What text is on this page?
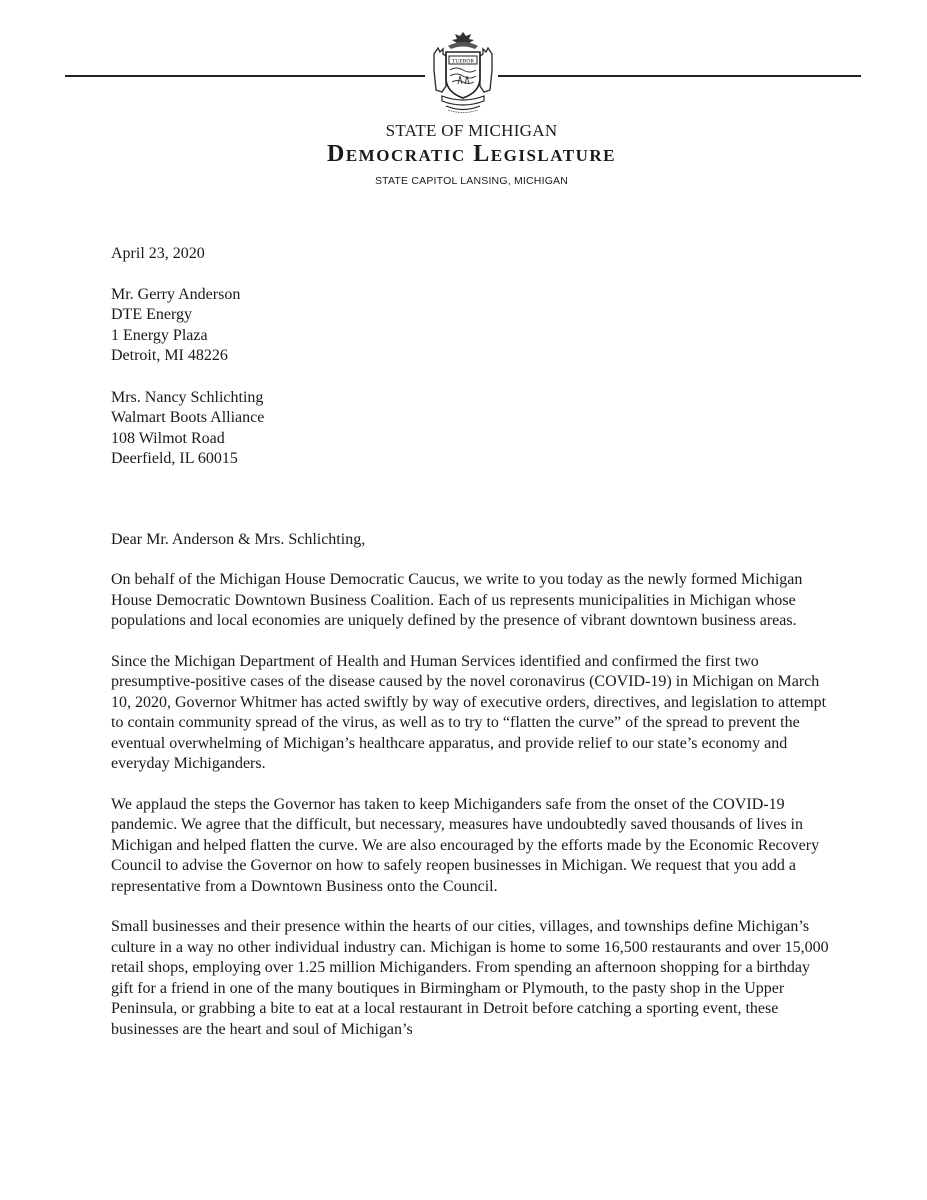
TUEBOR
STATE OF MICHIGAN
Democratic Legislature
STATE CAPITOL LANSING, MICHIGAN

April 23, 2020

Mr. Gerry Anderson
DTE Energy
1 Energy Plaza
Detroit, MI 48226
Mrs. Nancy Schlichting
Walmart Boots Alliance
108 Wilmot Road
Deerfield, IL 60015

Dear Mr. Anderson & Mrs. Schlichting,

On behalf of the Michigan House Democratic Caucus, we write to you today as the newly formed Michigan House Democratic Downtown Business Coalition. Each of us represents municipalities in Michigan whose populations and local economies are uniquely defined by the presence of vibrant downtown business areas.

Since the Michigan Department of Health and Human Services identified and confirmed the first two presumptive-positive cases of the disease caused by the novel coronavirus (COVID-19) in Michigan on March 10, 2020, Governor Whitmer has acted swiftly by way of executive orders, directives, and legislation to attempt to contain community spread of the virus, as well as to try to “flatten the curve” of the spread to prevent the eventual overwhelming of Michigan’s healthcare apparatus, and provide relief to our state’s economy and everyday Michiganders.

We applaud the steps the Governor has taken to keep Michiganders safe from the onset of the COVID-19 pandemic. We agree that the difficult, but necessary, measures have undoubtedly saved thousands of lives in Michigan and helped flatten the curve. We are also encouraged by the efforts made by the Economic Recovery Council to advise the Governor on how to safely reopen businesses in Michigan. We request that you add a representative from a Downtown Business onto the Council.

Small businesses and their presence within the hearts of our cities, villages, and townships define Michigan’s culture in a way no other individual industry can. Michigan is home to some 16,500 restaurants and over 15,000 retail shops, employing over 1.25 million Michiganders. From spending an afternoon shopping for a birthday gift for a friend in one of the many boutiques in Birmingham or Plymouth, to the pasty shop in the Upper Peninsula, or grabbing a bite to eat at a local restaurant in Detroit before catching a sporting event, these businesses are the heart and soul of Michigan’s
